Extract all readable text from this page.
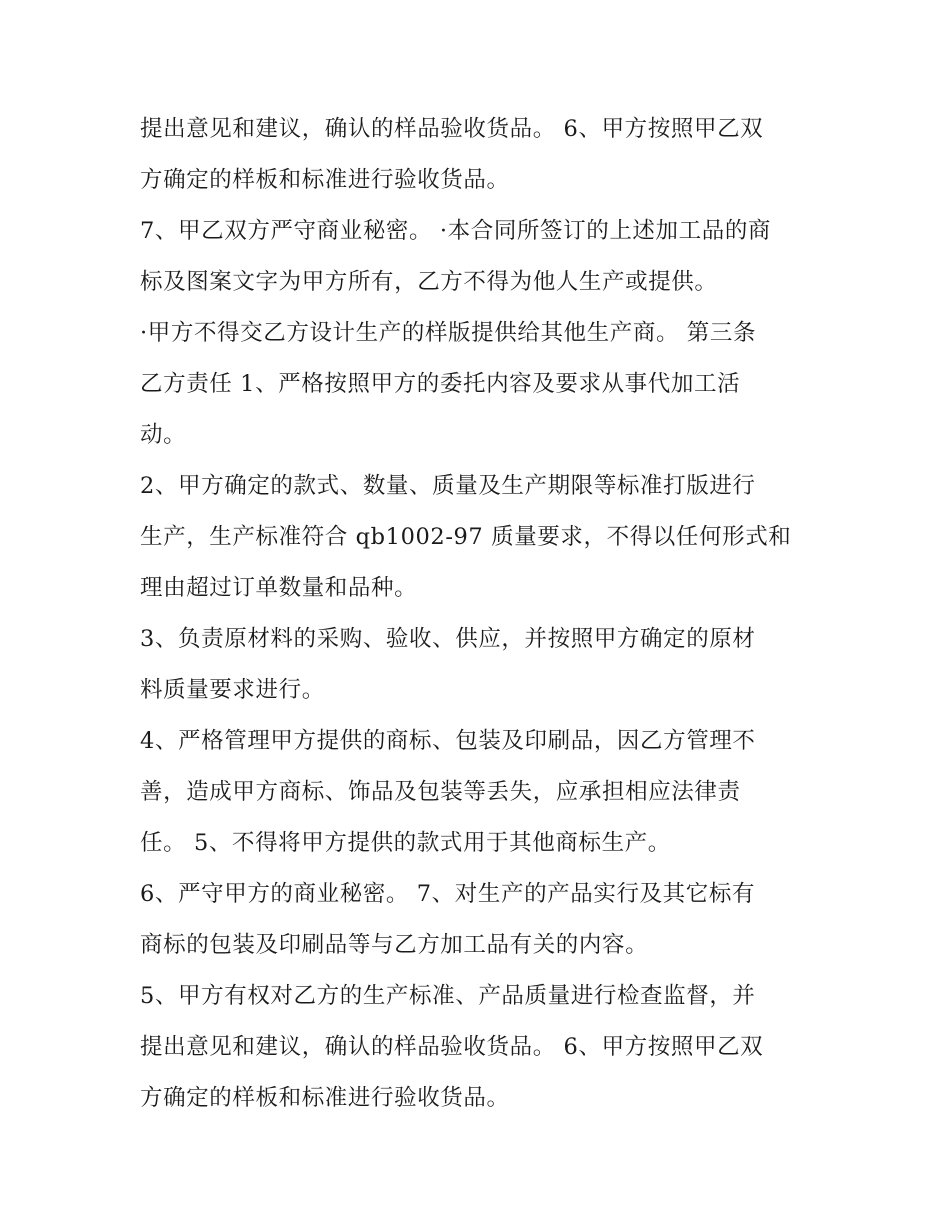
提出意见和建议，确认的样品验收货品。 6、甲方按照甲乙双

方确定的样板和标准进行验收货品。

7、甲乙双方严守商业秘密。 ·本合同所签订的上述加工品的商

标及图案文字为甲方所有，乙方不得为他人生产或提供。

·甲方不得交乙方设计生产的样版提供给其他生产商。 第三条

乙方责任 1、严格按照甲方的委托内容及要求从事代加工活

动。

2、甲方确定的款式、数量、质量及生产期限等标准打版进行

生产，生产标准符合 qb1002-97 质量要求，不得以任何形式和

理由超过订单数量和品种。

3、负责原材料的采购、验收、供应，并按照甲方确定的原材

料质量要求进行。

4、严格管理甲方提供的商标、包装及印刷品，因乙方管理不

善，造成甲方商标、饰品及包装等丢失，应承担相应法律责

任。 5、不得将甲方提供的款式用于其他商标生产。

6、严守甲方的商业秘密。 7、对生产的产品实行及其它标有

商标的包装及印刷品等与乙方加工品有关的内容。

5、甲方有权对乙方的生产标准、产品质量进行检查监督，并

提出意见和建议，确认的样品验收货品。 6、甲方按照甲乙双

方确定的样板和标准进行验收货品。
